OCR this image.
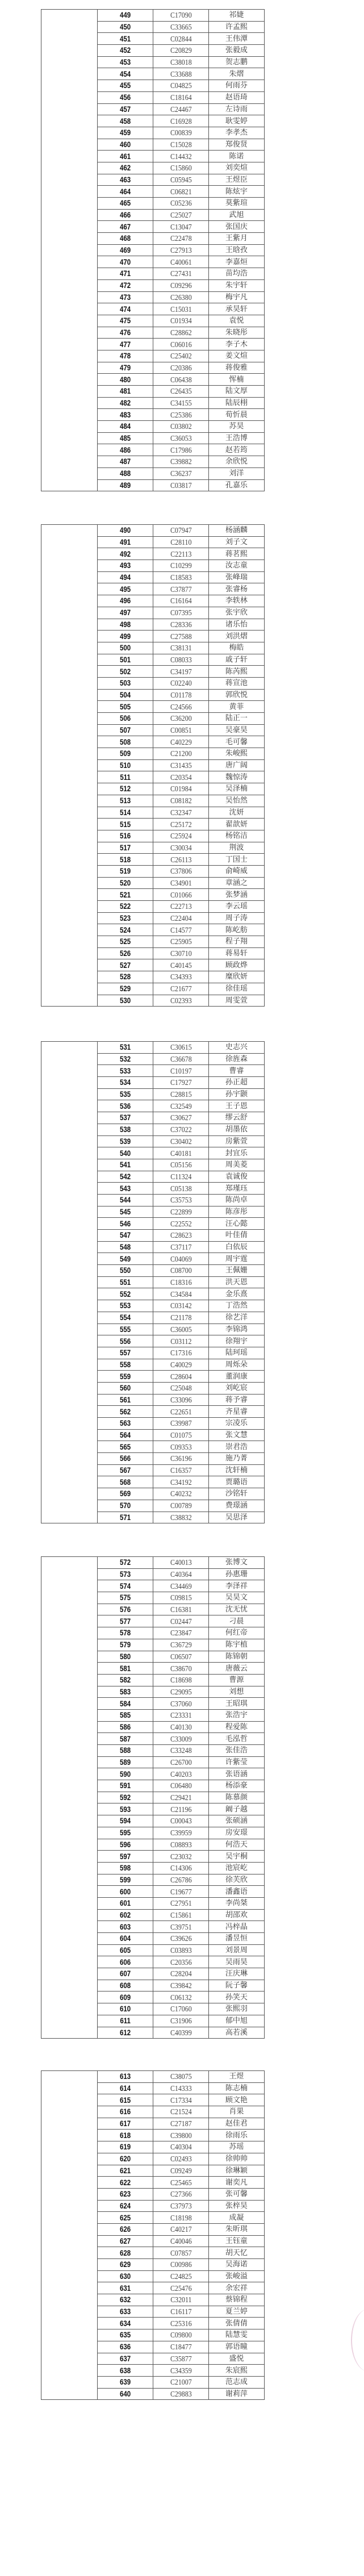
449	C17090	祁婕
450	C33665	许孟熙
451	C02844	王伟潭
452	C20829	张毅成
453	C38018	贺志鹏
454	C33688	朱熠
455	C04825	何雨芬
456	C18164	赵语琦
457	C24467	左诗雨
458	C16928	耿雯婷
459	C00839	李孝杰
460	C15028	郑俊贤
461	C14432	陈诺
462	C15860	刘奕煊
463	C05945	王煜臣
464	C06821	陈炫宇
465	C05236	莫紫瑄
466	C25027	武旭
467	C13047	张国庆
468	C22478	王紫月
469	C27913	王晗孜
470	C40061	李嘉烜
471	C27431	苗均浩
472	C09296	朱宇轩
473	C26380	梅宇凡
474	C15031	承昊轩
475	C01934	袁悦
476	C28862	朱晓彤
477	C06016	李子木
478	C25402	姜文煊
479	C20386	蒋俊雅
480	C06438	恽楠
481	C26435	陆文厚
482	C34155	陆辰栩
483	C25386	荀忻晨
484	C03802	苏昊
485	C36053	王浩博
486	C17986	赵若筠
487	C39882	余欣悦
488	C36237	刘洋
489	C03817	孔嘉乐
490	C07947	杨涵麟
491	C28110	刘子文
492	C22113	蒋茗熙
493	C10299	汝志童
494	C18583	张峰瑞
495	C37877	张睿杨
496	C16164	李轶林
497	C07395	张宇欣
498	C28336	诸乐怡
499	C27588	刘洪熠
500	C38131	梅皓
501	C08033	戚子轩
502	C34197	陈芮熙
503	C02240	蒋宣池
504	C01178	郭欣悦
505	C24566	黄菲
506	C36200	陆正一
507	C00851	吴豪昊
508	C40229	毛可馨
509	C21200	朱峻熙
510	C31435	唐广阔
511	C20354	魏惊涛
512	C01984	吴泽楠
513	C08182	吴怡然
514	C32347	沈妍
515	C25172	翟歆妍
516	C25924	杨铭洁
517	C30034	荆波
518	C26113	丁国士
519	C37806	俞崎威
520	C34901	章涵之
521	C01066	张梦涵
522	C22713	李云瑶
523	C22404	周子涛
524	C14577	陈屹舫
525	C25905	程子翔
526	C30710	蒋易轩
527	C40145	顾政烨
528	C34393	糜欣妍
529	C21677	徐佳瑶
530	C02393	周雯萱
531	C30615	史志兴
532	C36678	徐旌森
533	C10197	曹睿
534	C17927	孙正超
535	C28815	孙宇颢
536	C32549	王子恩
537	C30627	缪云舒
538	C37022	胡墨依
539	C30402	房紫萱
540	C40181	封宜乐
541	C05156	周美菱
542	C11324	袁诚俊
543	C05138	郑瑾珏
544	C35753	陈尚卓
545	C22899	陈彦彤
546	C22552	汪心懿
547	C28623	叶佳倩
548	C37117	白依辰
549	C04069	周宇霆
550	C08700	王佩姗
551	C18316	洪天恩
552	C34584	金乐熹
553	C03142	丁浩然
554	C21178	徐艺洋
555	C36005	李锦鸿
556	C03112	徐翔宇
557	C17316	陆珂瑶
558	C40029	周烁朵
559	C28604	董润康
560	C25048	刘屹宸
561	C33096	蒋予睿
562	C22651	齐星睿
563	C39987	宗凌乐
564	C01075	张文慧
565	C09353	崇君浩
566	C36196	施乃菁
567	C16357	沈轩楠
568	C34192	贾璐语
569	C40232	沙铭轩
570	C00789	费璟涵
571	C38832	吴思泽
572	C40013	张博文
573	C40364	孙惠珊
574	C34469	李泽祥
575	C09815	吴昊文
576	C16381	沈无忧
577	C02447	刁晨
578	C23847	何红帝
579	C36729	陈宇植
580	C06507	陈锦朝
581	C38670	唐薇云
582	C18698	曹源
583	C29095	刘想
584	C37060	王昭琪
585	C23331	张浩宇
586	C40130	程爱陈
587	C33009	毛泓哲
588	C33248	张佳浩
589	C26700	许紫莹
590	C40203	张语涵
591	C06480	杨添豪
592	C29421	陈慕颜
593	C21196	阚子越
594	C00043	张硕涵
595	C39959	房安璟
596	C08893	何浩天
597	C23032	吴宇桐
598	C14306	池宸屹
599	C26786	徐芙欣
600	C19677	潘鑫语
601	C27951	李尚桀
602	C15861	胡邵欢
603	C39751	冯梓晶
604	C39626	潘昱恒
605	C03893	刘景周
606	C20356	吴雨昊
607	C28204	汪庆琳
608	C39842	阮子馨
609	C06132	孙笑天
610	C17060	张熙羽
611	C31906	郁中旭
612	C40399	高若溪
613	C38075	王煜
614	C14333	陈志楠
615	C17334	顾文艳
616	C21524	肖果
617	C27187	赵佳君
618	C39800	徐雨乐
619	C40304	苏瑶
620	C02493	徐帅帅
621	C09249	徐琳颖
622	C25465	谢奕凡
623	C27366	张可馨
624	C37973	张梓昊
625	C18198	成凝
626	C40217	朱昕琪
627	C40046	王钰童
628	C07857	胡天忆
629	C00986	吴海诺
630	C24825	张峻溢
631	C25476	余宏祥
632	C32011	蔡锦程
633	C16117	夏兰婷
634	C25316	张倩倩
635	C09800	陆慧雯
636	C18477	郭语瞳
637	C35877	盛悦
638	C34359	朱宸熙
639	C21007	范志成
640	C29883	谢莉萍
